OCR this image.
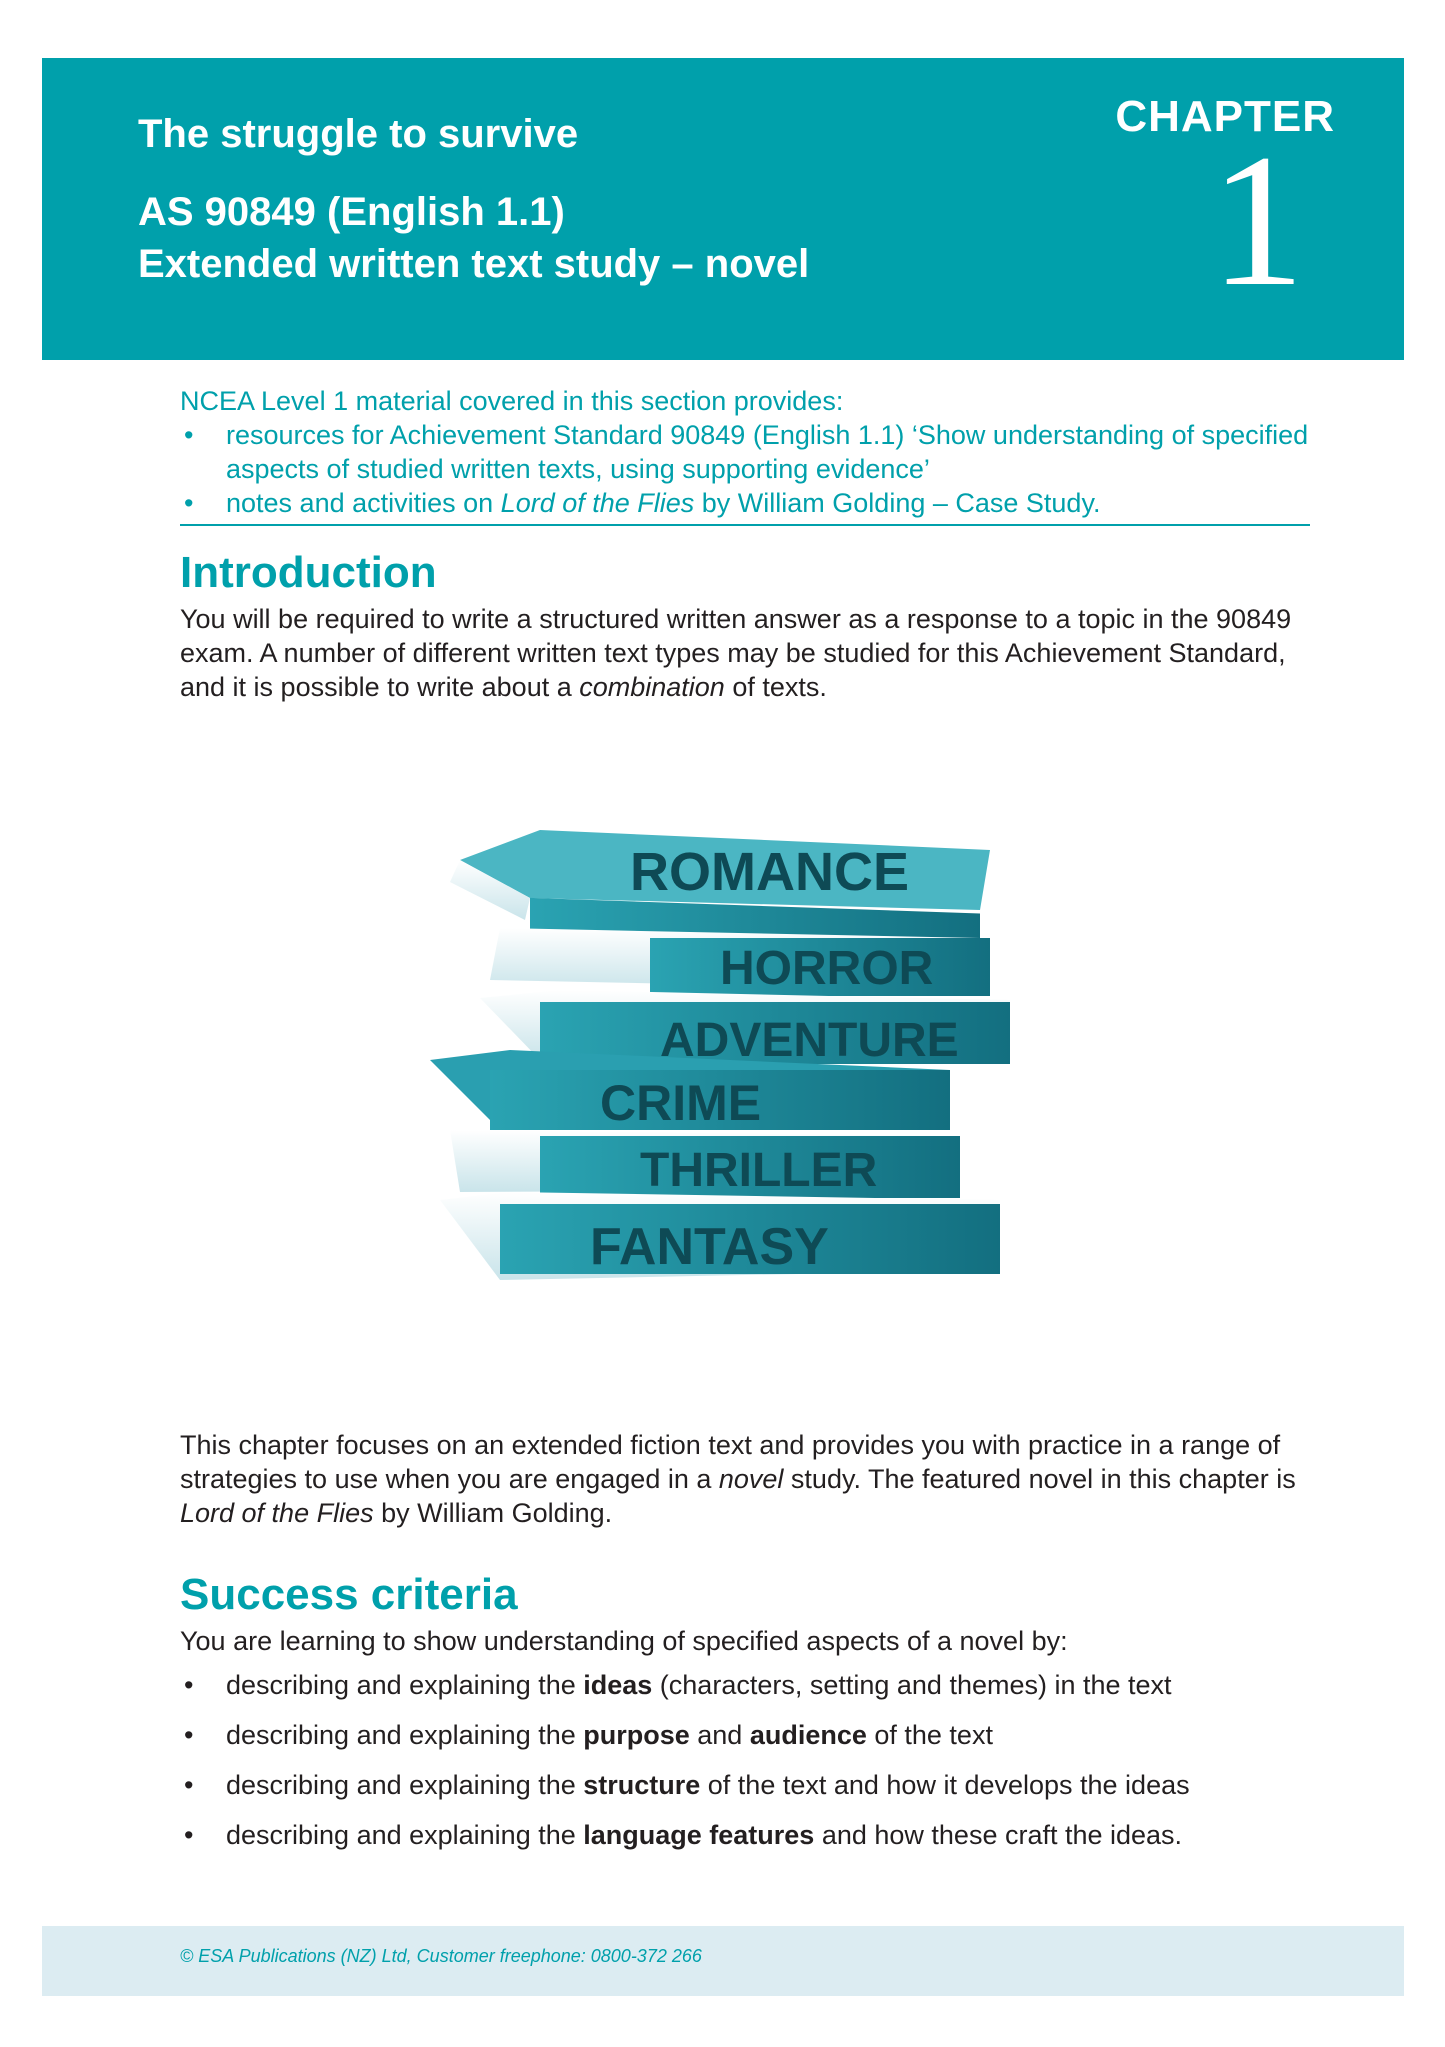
The struggle to survive
AS 90849 (English 1.1)
Extended written text study – novel
CHAPTER
1

NCEA Level 1 material covered in this section provides:

• resources for Achievement Standard 90849 (English 1.1) ‘Show understanding of specified aspects of studied written texts, using supporting evidence’

• notes and activities on Lord of the Flies by William Golding – Case Study.

Introduction

You will be required to write a structured written answer as a response to a topic in the 90849 exam. A number of different written text types may be studied for this Achievement Standard, and it is possible to write about a combination of texts.

ROMANCE
HORROR
ADVENTURE
CRIME
THRILLER
FANTASY

This chapter focuses on an extended fiction text and provides you with practice in a range of strategies to use when you are engaged in a novel study. The featured novel in this chapter is Lord of the Flies by William Golding.

Success criteria

You are learning to show understanding of specified aspects of a novel by:

• describing and explaining the ideas (characters, setting and themes) in the text
• describing and explaining the purpose and audience of the text
• describing and explaining the structure of the text and how it develops the ideas
• describing and explaining the language features and how these craft the ideas.
© ESA Publications (NZ) Ltd, Customer freephone: 0800-372 266
